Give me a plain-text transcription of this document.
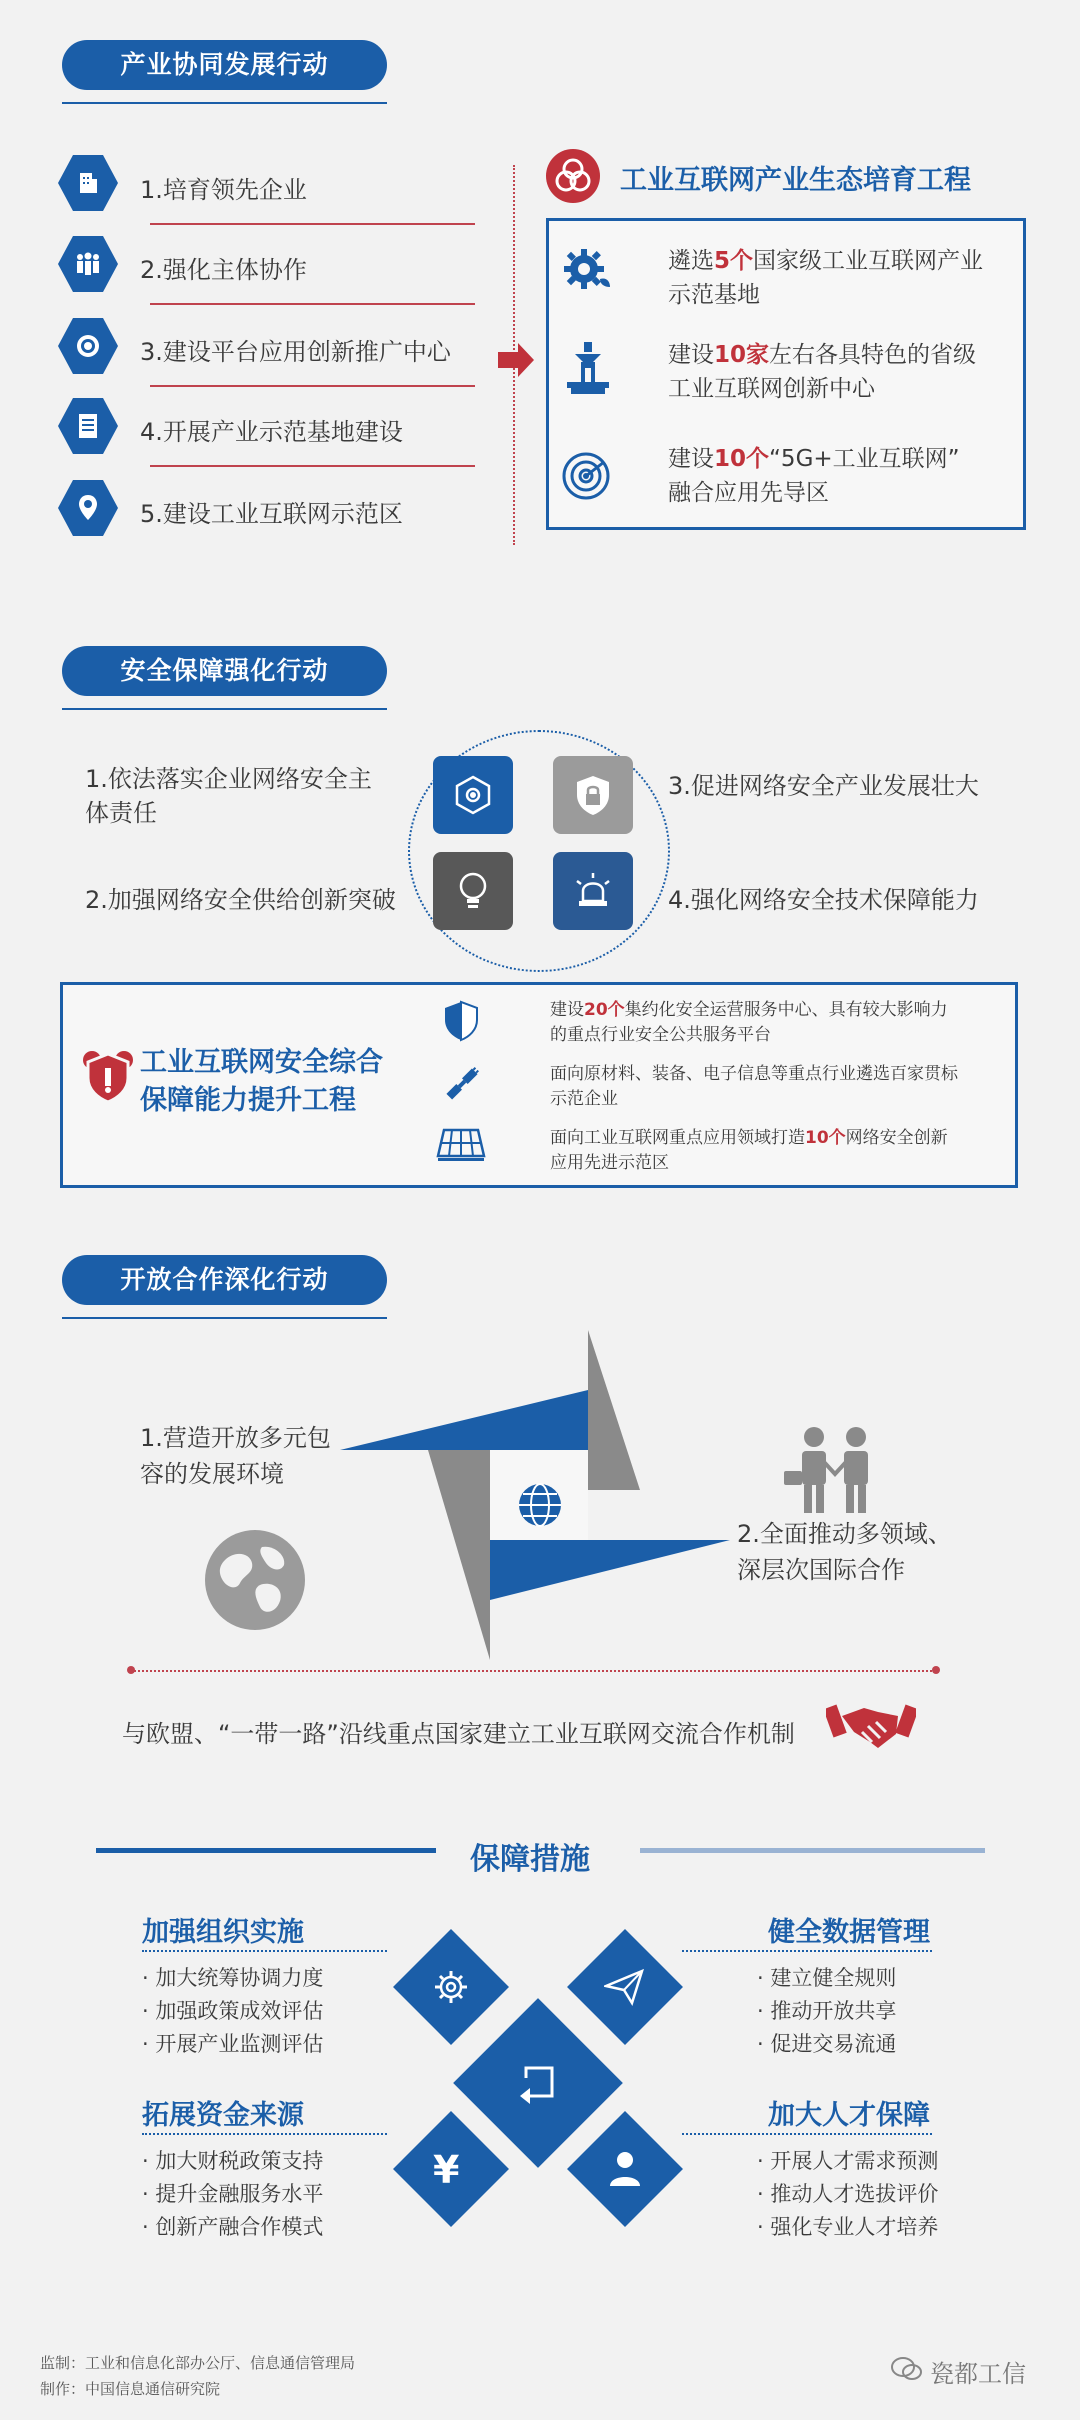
产业协同发展行动
1.培育领先企业
2.强化主体协作
3.建设平台应用创新推广中心
4.开展产业示范基地建设
5.建设工业互联网示范区
工业互联网产业生态培育工程
遴选5个国家级工业互联网产业
示范基地
建设10家左右各具特色的省级
工业互联网创新中心
建设10个“5G+工业互联网”
融合应用先导区
安全保障强化行动
1.依法落实企业网络安全主
体责任
2.加强网络安全供给创新突破
3.促进网络安全产业发展壮大
4.强化网络安全技术保障能力
工业互联网安全综合
保障能力提升工程
建设20个集约化安全运营服务中心、具有较大影响力
的重点行业安全公共服务平台
面向原材料、装备、电子信息等重点行业遴选百家贯标
示范企业
面向工业互联网重点应用领域打造10个网络安全创新
应用先进示范区
开放合作深化行动
1.营造开放多元包
容的发展环境
2.全面推动多领域、
深层次国际合作
与欧盟、“一带一路”沿线重点国家建立工业互联网交流合作机制
保障措施
加强组织实施
· 加大统筹协调力度
· 加强政策成效评估
· 开展产业监测评估
健全数据管理
· 建立健全规则
· 推动开放共享
· 促进交易流通
拓展资金来源
· 加大财税政策支持
· 提升金融服务水平
· 创新产融合作模式
加大人才保障
· 开展人才需求预测
· 推动人才选拔评价
· 强化专业人才培养
¥
监制：工业和信息化部办公厅、信息通信管理局
制作：中国信息通信研究院
瓷都工信
